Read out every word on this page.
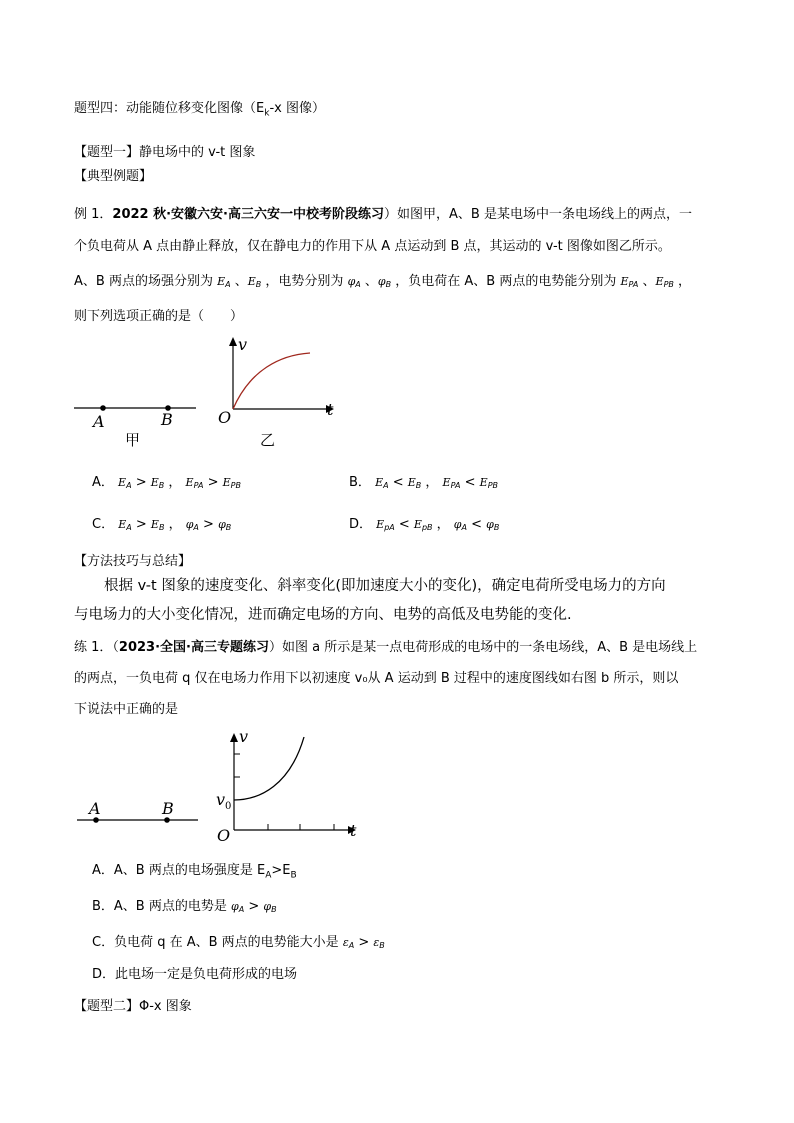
题型四：动能随位移变化图像（$E_k-x$ 图像）
【题型一】静电场中的 v-t 图象
【典型例题】
例 1．2022 秋·安徽六安·高三六安一中校考阶段练习）如图甲，A、B 是某电场中一条电场线上的两点，一
个负电荷从 A 点由静止释放，仅在静电力的作用下从 A 点运动到 B 点，其运动的 v-t 图像如图乙所示。
A、B 两点的场强分别为 $E_A$ 、$E_B$ ，电势分别为 $\varphi_A$ 、$\varphi_B$ ，负电荷在 A、B 两点的电势能分别为 $E_{PA}$ 、$E_{PB}$ ，
则下列选项正确的是（　　）
A	B	O
v
t
甲	乙
A． $E_A > E_B$ ， $E_{PA} > E_{PB}$	B． $E_A < E_B$ ， $E_{PA} < E_{PB}$
C． $E_A > E_B$ ， $\varphi_A > \varphi_B$	D． $E_{pA} < E_{pB}$ ， $\varphi_A < \varphi_B$
【方法技巧与总结】
根据 v-t 图象的速度变化、斜率变化(即加速度大小的变化)，确定电荷所受电场力的方向
与电场力的大小变化情况，进而确定电场的方向、电势的高低及电势能的变化.
练 1．（2023·全国·高三专题练习）如图 a 所示是某一点电荷形成的电场中的一条电场线，A、B 是电场线上
的两点，一负电荷 q 仅在电场力作用下以初速度 v₀从 A 运动到 B 过程中的速度图线如右图 b 所示，则以
下说法中正确的是
A	B
O
v
t
$v_0$
A．A、B 两点的电场强度是 $E_A>E_B$
B．A、B 两点的电势是 $\varphi_A > \varphi_B$
C．负电荷 q 在 A、B 两点的电势能大小是 $\varepsilon_A > \varepsilon_B$
D．此电场一定是负电荷形成的电场
【题型二】Φ-x 图象
